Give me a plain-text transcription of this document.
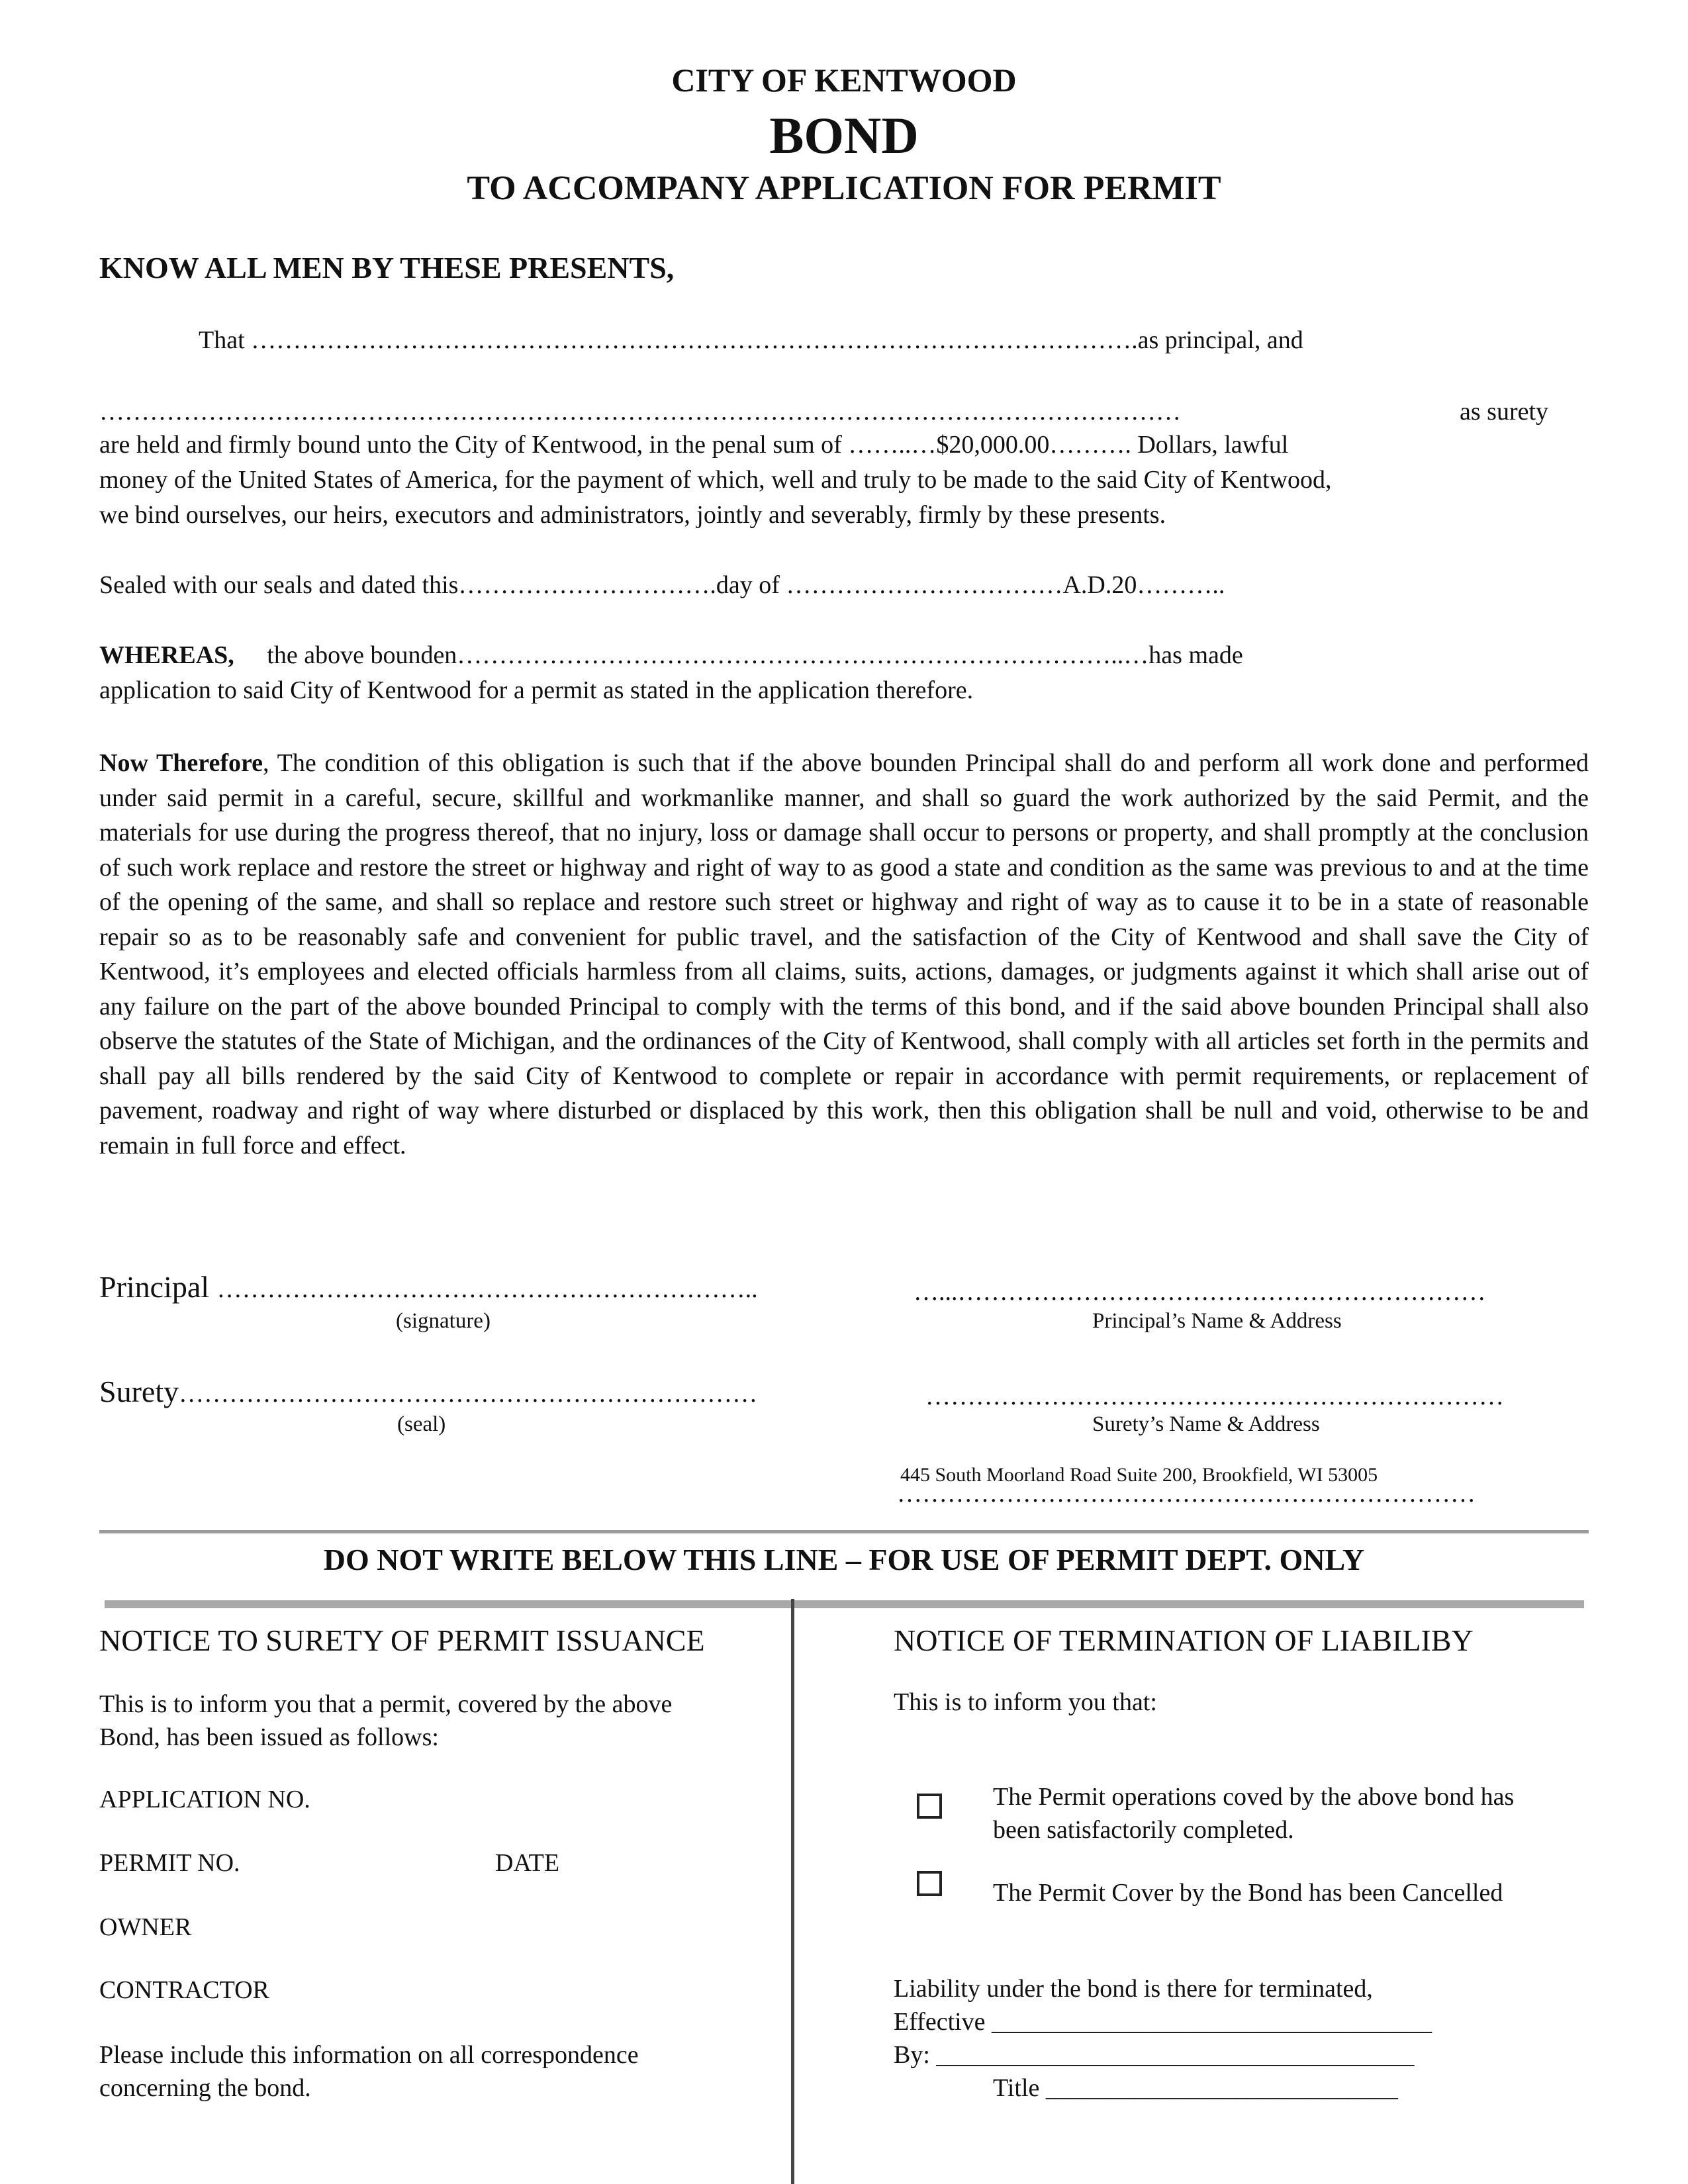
CITY OF KENTWOOD
BOND
TO ACCOMPANY APPLICATION FOR PERMIT
KNOW ALL MEN BY THESE PRESENTS,
That …………………………………………………………………………………………….as principal, and
…………………………………………………………………………………………………………………	as surety
are held and firmly bound unto the City of Kentwood, in the penal sum of ……..…$20,000.00………. Dollars, lawful
money of the United States of America, for the payment of which, well and truly to be made to the said City of Kentwood,
we bind ourselves, our heirs, executors and administrators, jointly and severably, firmly by these presents.
Sealed with our seals and dated this………………………….day of ……………………………A.D.20………..
WHEREAS, the above bounden……………………………………………………………………..…has made
application to said City of Kentwood for a permit as stated in the application therefore.

Now Therefore, The condition of this obligation is such that if the above bounden Principal shall do and perform all work done and performed under said permit in a careful, secure, skillful and workmanlike manner, and shall so guard the work authorized by the said Permit, and the materials for use during the progress thereof, that no injury, loss or damage shall occur to persons or property, and shall promptly at the conclusion of such work replace and restore the street or highway and right of way to as good a state and condition as the same was previous to and at the time of the opening of the same, and shall so replace and restore such street or highway and right of way as to cause it to be in a state of reasonable repair so as to be reasonably safe and convenient for public travel, and the satisfaction of the City of Kentwood and shall save the City of Kentwood, it’s employees and elected officials harmless from all claims, suits, actions, damages, or judgments against it which shall arise out of any failure on the part of the above bounded Principal to comply with the terms of this bond, and if the said above bounden Principal shall also observe the statutes of the State of Michigan, and the ordinances of the City of Kentwood, shall comply with all articles set forth in the permits and shall pay all bills rendered by the said City of Kentwood to complete or repair in accordance with permit requirements, or replacement of pavement, roadway and right of way where disturbed or displaced by this work, then this obligation shall be null and void, otherwise to be and remain in full force and effect.

Principal ………………………………………………………..	…...………………………………………………………
(signature)	Principal’s Name & Address
Surety……………………………………………………………	……………………………………………………………
(seal)	Surety’s Name & Address
445 South Moorland Road Suite 200, Brookfield, WI 53005
……………………………………………………………
DO NOT WRITE BELOW THIS LINE – FOR USE OF PERMIT DEPT. ONLY
NOTICE TO SURETY OF PERMIT ISSUANCE
This is to inform you that a permit, covered by the above
Bond, has been issued as follows:
APPLICATION NO.
PERMIT NO.	DATE
OWNER
CONTRACTOR
Please include this information on all correspondence
concerning the bond.
NOTICE OF TERMINATION OF LIABILIBY
This is to inform you that:
The Permit operations coved by the above bond has
been satisfactorily completed.
The Permit Cover by the Bond has been Cancelled
Liability under the bond is there for terminated,
Effective ___________________________________
By: ______________________________________
Title ____________________________
